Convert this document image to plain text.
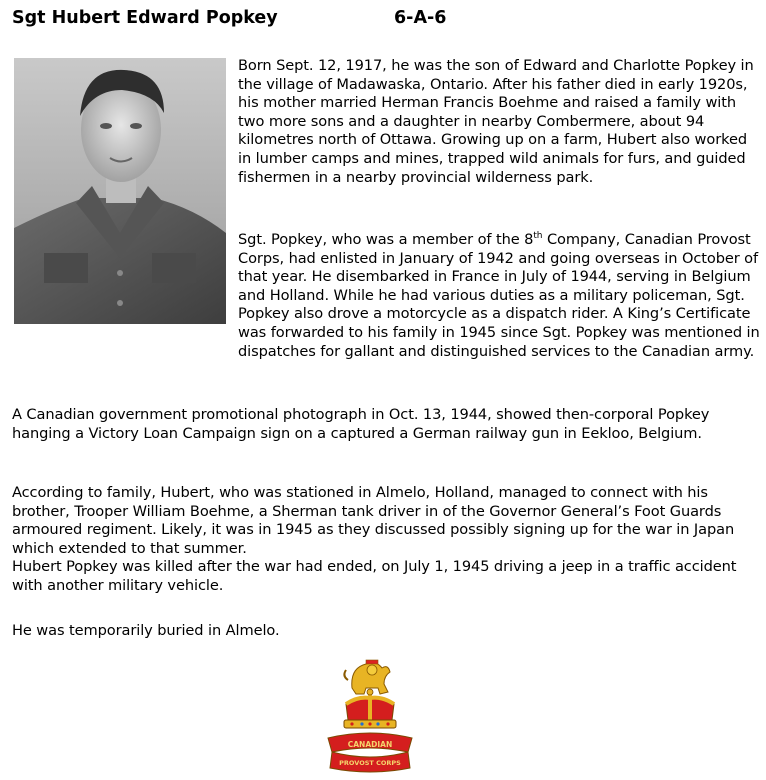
Sgt Hubert Edward Popkey	6-A-6

Born Sept. 12, 1917, he was the son of Edward and Charlotte Popkey in the village of Madawaska, Ontario. After his father died in early 1920s, his mother married Herman Francis Boehme and raised a family with two more sons and a daughter in nearby Combermere, about 94 kilometres north of Ottawa. Growing up on a farm, Hubert also worked in lumber camps and mines, trapped wild animals for furs, and guided fishermen in a nearby provincial wilderness park.

Sgt. Popkey, who was a member of the 8th Company, Canadian Provost Corps, had enlisted in January of 1942 and going overseas in October of that year. He disembarked in France in July of 1944, serving in Belgium and Holland. While he had various duties as a military policeman, Sgt. Popkey also drove a motorcycle as a dispatch rider. A King’s Certificate was forwarded to his family in 1945 since Sgt. Popkey was mentioned in dispatches for gallant and distinguished services to the Canadian army.

A Canadian government promotional photograph in Oct. 13, 1944, showed then-corporal Popkey hanging a Victory Loan Campaign sign on a captured a German railway gun in Eekloo, Belgium.

According to family, Hubert, who was stationed in Almelo, Holland, managed to connect with his brother, Trooper William Boehme, a Sherman tank driver in of the Governor General’s Foot Guards armoured regiment. Likely, it was in 1945 as they discussed possibly signing up for the war in Japan which extended to that summer.
Hubert Popkey was killed after the war had ended, on July 1, 1945 driving a jeep in a traffic accident with another military vehicle.

He was temporarily buried in Almelo.

CANADIAN
PROVOST CORPS
